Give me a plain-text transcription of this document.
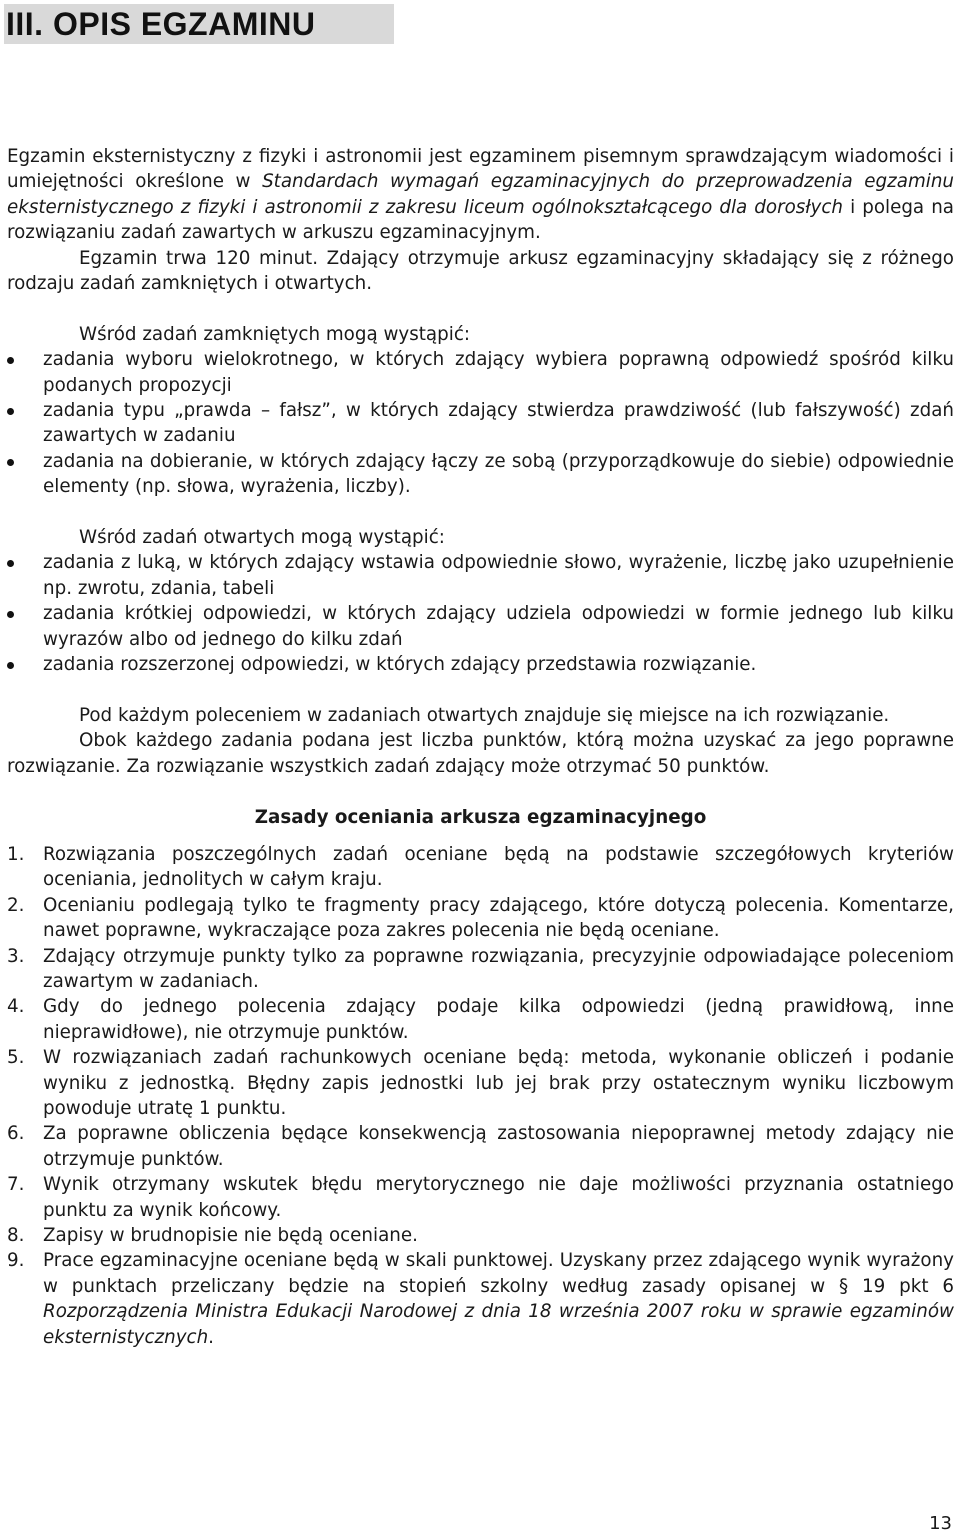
III. OPIS EGZAMINU

Egzamin eksternistyczny z fizyki i astronomii jest egzaminem pisemnym sprawdzającym wiadomości i umiejętności określone w Standardach wymagań egzaminacyjnych do przeprowadzenia egzaminu eksternistycznego z fizyki i astronomii z zakresu liceum ogólnokształcącego dla dorosłych i polega na rozwiązaniu zadań zawartych w arkuszu egzaminacyjnym.

Egzamin trwa 120 minut. Zdający otrzymuje arkusz egzaminacyjny składający się z różnego rodzaju zadań zamkniętych i otwartych.

Wśród zadań zamkniętych mogą wystąpić:

zadania wyboru wielokrotnego, w których zdający wybiera poprawną odpowiedź spośród kilku podanych propozycji
zadania typu „prawda – fałsz”, w których zdający stwierdza prawdziwość (lub fałszywość) zdań zawartych w zadaniu
zadania na dobieranie, w których zdający łączy ze sobą (przyporządkowuje do siebie) odpowiednie elementy (np. słowa, wyrażenia, liczby).

Wśród zadań otwartych mogą wystąpić:

zadania z luką, w których zdający wstawia odpowiednie słowo, wyrażenie, liczbę jako uzupełnienie np. zwrotu, zdania, tabeli
zadania krótkiej odpowiedzi, w których zdający udziela odpowiedzi w formie jednego lub kilku wyrazów albo od jednego do kilku zdań
zadania rozszerzonej odpowiedzi, w których zdający przedstawia rozwiązanie.

Pod każdym poleceniem w zadaniach otwartych znajduje się miejsce na ich rozwiązanie.

Obok każdego zadania podana jest liczba punktów, którą można uzyskać za jego poprawne rozwiązanie. Za rozwiązanie wszystkich zadań zdający może otrzymać 50 punktów.

Zasady oceniania arkusza egzaminacyjnego

1. Rozwiązania poszczególnych zadań oceniane będą na podstawie szczegółowych kryteriów oceniania, jednolitych w całym kraju.
2. Ocenianiu podlegają tylko te fragmenty pracy zdającego, które dotyczą polecenia. Komentarze, nawet poprawne, wykraczające poza zakres polecenia nie będą oceniane.
3. Zdający otrzymuje punkty tylko za poprawne rozwiązania, precyzyjnie odpowiadające poleceniom zawartym w zadaniach.
4. Gdy do jednego polecenia zdający podaje kilka odpowiedzi (jedną prawidłową, inne nieprawidłowe), nie otrzymuje punktów.
5. W rozwiązaniach zadań rachunkowych oceniane będą: metoda, wykonanie obliczeń i podanie wyniku z jednostką. Błędny zapis jednostki lub jej brak przy ostatecznym wyniku liczbowym powoduje utratę 1 punktu.
6. Za poprawne obliczenia będące konsekwencją zastosowania niepoprawnej metody zdający nie otrzymuje punktów.
7. Wynik otrzymany wskutek błędu merytorycznego nie daje możliwości przyznania ostatniego punktu za wynik końcowy.
8. Zapisy w brudnopisie nie będą oceniane.
9. Prace egzaminacyjne oceniane będą w skali punktowej. Uzyskany przez zdającego wynik wyrażony w punktach przeliczany będzie na stopień szkolny według zasady opisanej w § 19 pkt 6 Rozporządzenia Ministra Edukacji Narodowej z dnia 18 września 2007 roku w sprawie egzaminów eksternistycznych.
13
